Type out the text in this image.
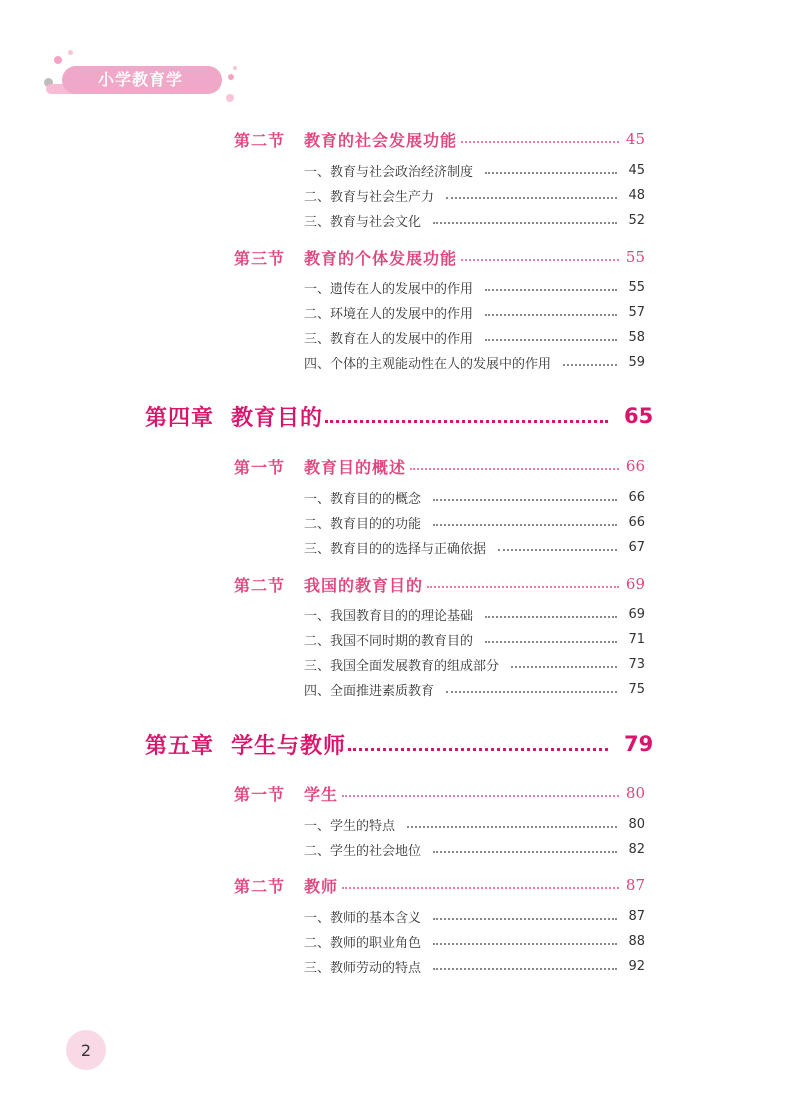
小学教育学
第二节	教育的社会发展功能	45
一、教育与社会政治经济制度	45
二、教育与社会生产力	48
三、教育与社会文化	52
第三节	教育的个体发展功能	55
一、遗传在人的发展中的作用	55
二、环境在人的发展中的作用	57
三、教育在人的发展中的作用	58
四、个体的主观能动性在人的发展中的作用	59
第四章 教育目的	65
第一节	教育目的概述	66
一、教育目的的概念	66
二、教育目的的功能	66
三、教育目的的选择与正确依据	67
第二节	我国的教育目的	69
一、我国教育目的的理论基础	69
二、我国不同时期的教育目的	71
三、我国全面发展教育的组成部分	73
四、全面推进素质教育	75
第五章 学生与教师	79
第一节	学生	80
一、学生的特点	80
二、学生的社会地位	82
第二节	教师	87
一、教师的基本含义	87
二、教师的职业角色	88
三、教师劳动的特点	92
2
